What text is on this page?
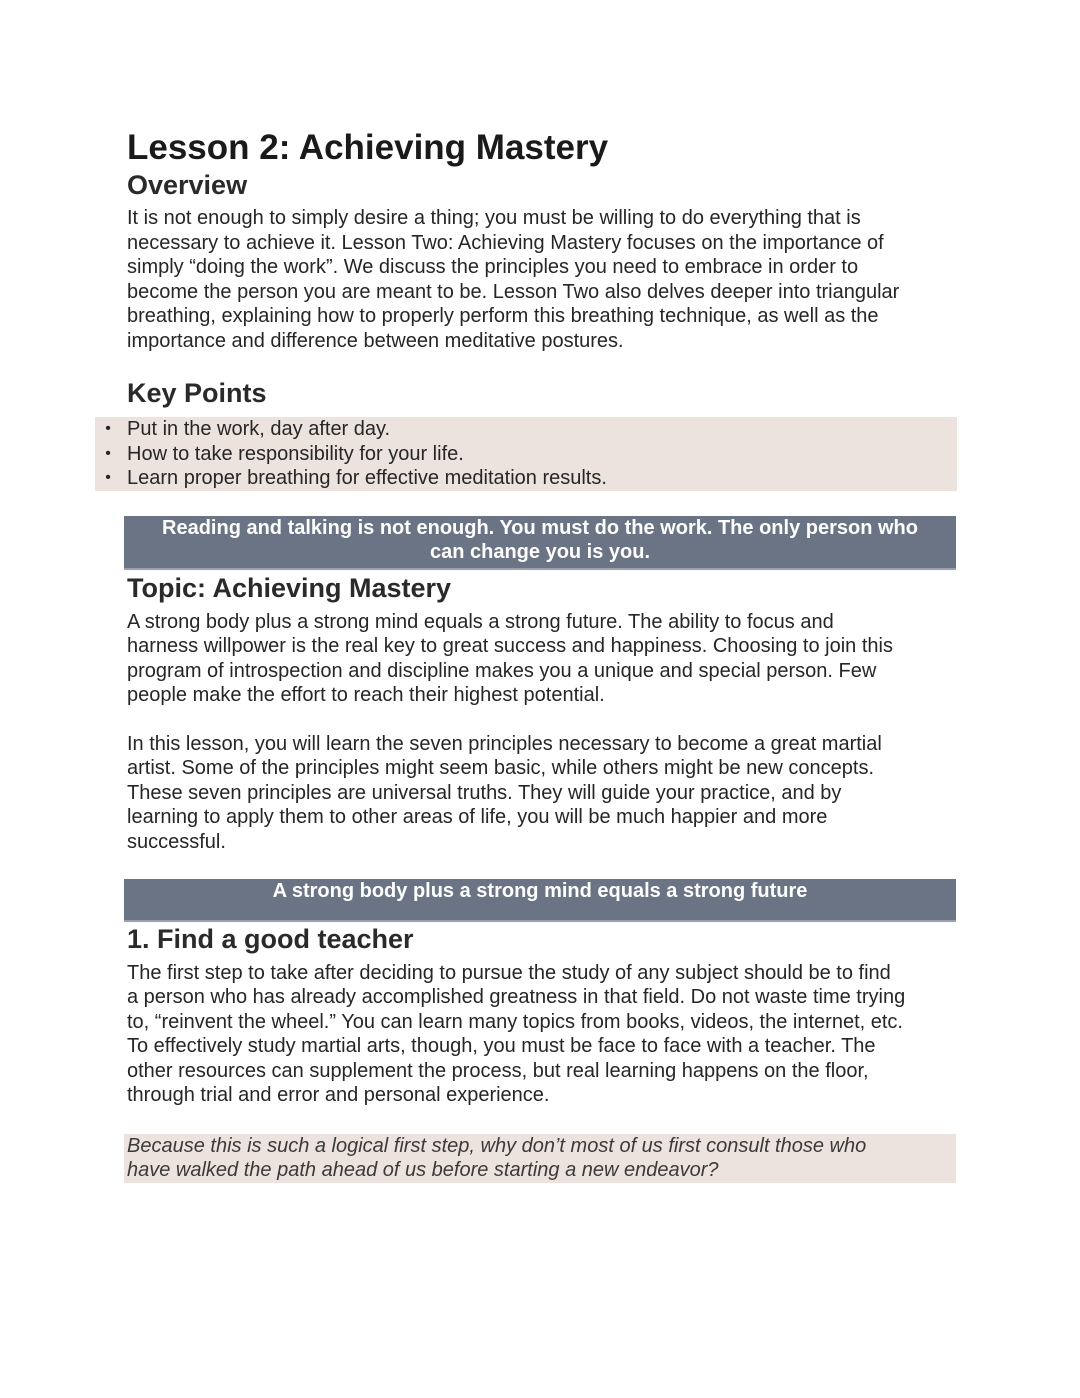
Lesson 2: Achieving Mastery
Overview
It is not enough to simply desire a thing; you must be willing to do everything that is
necessary to achieve it. Lesson Two: Achieving Mastery focuses on the importance of
simply “doing the work”. We discuss the principles you need to embrace in order to
become the person you are meant to be. Lesson Two also delves deeper into triangular
breathing, explaining how to properly perform this breathing technique, as well as the
importance and difference between meditative postures.
Key Points
• Put in the work, day after day.
• How to take responsibility for your life.
• Learn proper breathing for effective meditation results.
Reading and talking is not enough. You must do the work. The only person who
can change you is you.
Topic: Achieving Mastery
A strong body plus a strong mind equals a strong future. The ability to focus and
harness willpower is the real key to great success and happiness. Choosing to join this
program of introspection and discipline makes you a unique and special person. Few
people make the effort to reach their highest potential.
In this lesson, you will learn the seven principles necessary to become a great martial
artist. Some of the principles might seem basic, while others might be new concepts.
These seven principles are universal truths. They will guide your practice, and by
learning to apply them to other areas of life, you will be much happier and more
successful.
A strong body plus a strong mind equals a strong future
1. Find a good teacher
The first step to take after deciding to pursue the study of any subject should be to find
a person who has already accomplished greatness in that field. Do not waste time trying
to, “reinvent the wheel.” You can learn many topics from books, videos, the internet, etc.
To effectively study martial arts, though, you must be face to face with a teacher. The
other resources can supplement the process, but real learning happens on the floor,
through trial and error and personal experience.
Because this is such a logical first step, why don’t most of us first consult those who
have walked the path ahead of us before starting a new endeavor?
